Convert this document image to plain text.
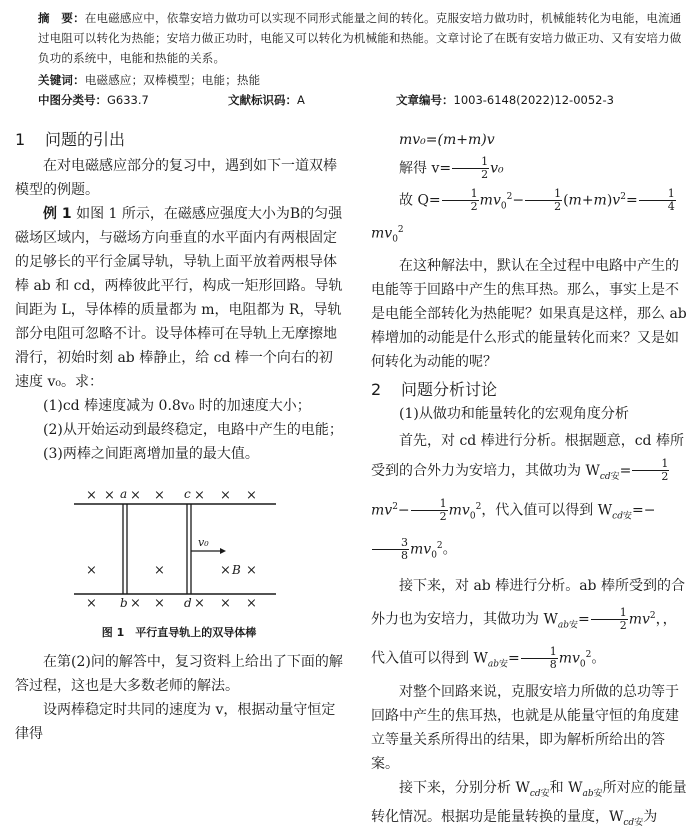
摘　要：在电磁感应中，依靠安培力做功可以实现不同形式能量之间的转化。克服安培力做功时，机械能转化为电能，电流通过电阻可以转化为热能；安培力做正功时，电能又可以转化为机械能和热能。文章讨论了在既有安培力做正功、又有安培力做负功的系统中，电能和热能的关系。
关键词：电磁感应；双棒模型；电能；热能
中图分类号：G633.7	文献标识码：A	文章编号：1003-6148(2022)12-0052-3
1 问题的引出

在对电磁感应部分的复习中，遇到如下一道双棒模型的例题。

例 1 如图 1 所示，在磁感应强度大小为B的匀强磁场区域内，与磁场方向垂直的水平面内有两根固定的足够长的平行金属导轨，导轨上面平放着两根导体棒 ab 和 cd，两棒彼此平行，构成一矩形回路。导轨间距为 L，导体棒的质量都为 m，电阻都为 R，导轨部分电阻可忽略不计。设导体棒可在导轨上无摩擦地滑行，初始时刻 ab 棒静止，给 cd 棒一个向右的初速度 v₀。求：

(1)cd 棒速度减为 0.8v₀ 时的加速度大小；

(2)从开始运动到最终稳定，电路中产生的电能；

(3)两棒之间距离增加量的最大值。

a
b
c
d
v₀
B
× × × × × × ×
×	×	× ×
×	× × × × ×
图 1　平行直导轨上的双导体棒

在第(2)问的解答中，复习资料上给出了下面的解答过程，这也是大多数老师的解法。

设两棒稳定时共同的速度为 v，根据动量守恒定律得

mv₀=(m+m)v

解得 $v= \frac{1}{2} v_0$

故 $Q= \frac{1}{2} mv_0^2- \frac{1}{2} (m+m)v^2= \frac{1}{4}$
$mv_0^2$

在这种解法中，默认在全过程中电路中产生的电能等于回路中产生的焦耳热。那么，事实上是不是电能全部转化为热能呢？如果真是这样，那么 ab 棒增加的动能是什么形式的能量转化而来？又是如何转化为动能的呢？

2 问题分析讨论

(1)从做功和能量转化的宏观角度分析

首先，对 cd 棒进行分析。根据题意，cd 棒所受到的合外力为安培力，其做功为 $W_{cd安}= \frac{1}{2}$
$mv^2- \frac{1}{2} mv_0^2$，代入值可以得到 $W_{cd安}=-$
$\frac{3}{8} mv_0^2$。

接下来，对 ab 棒进行分析。ab 棒所受到的合外力也为安培力，其做功为 $W_{ab安}= \frac{1}{2} mv^2$，，代入值可以得到 $W_{ab安}= \frac{1}{8} mv_0^2$。

对整个回路来说，克服安培力所做的总功等于回路中产生的焦耳热，也就是从能量守恒的角度建立等量关系所得出的结果，即为解析所给出的答案。

接下来，分别分析 $W_{cd安}$和 $W_{ab安}$所对应的能量转化情况。根据功是能量转换的量度，$W_{cd安}$为
